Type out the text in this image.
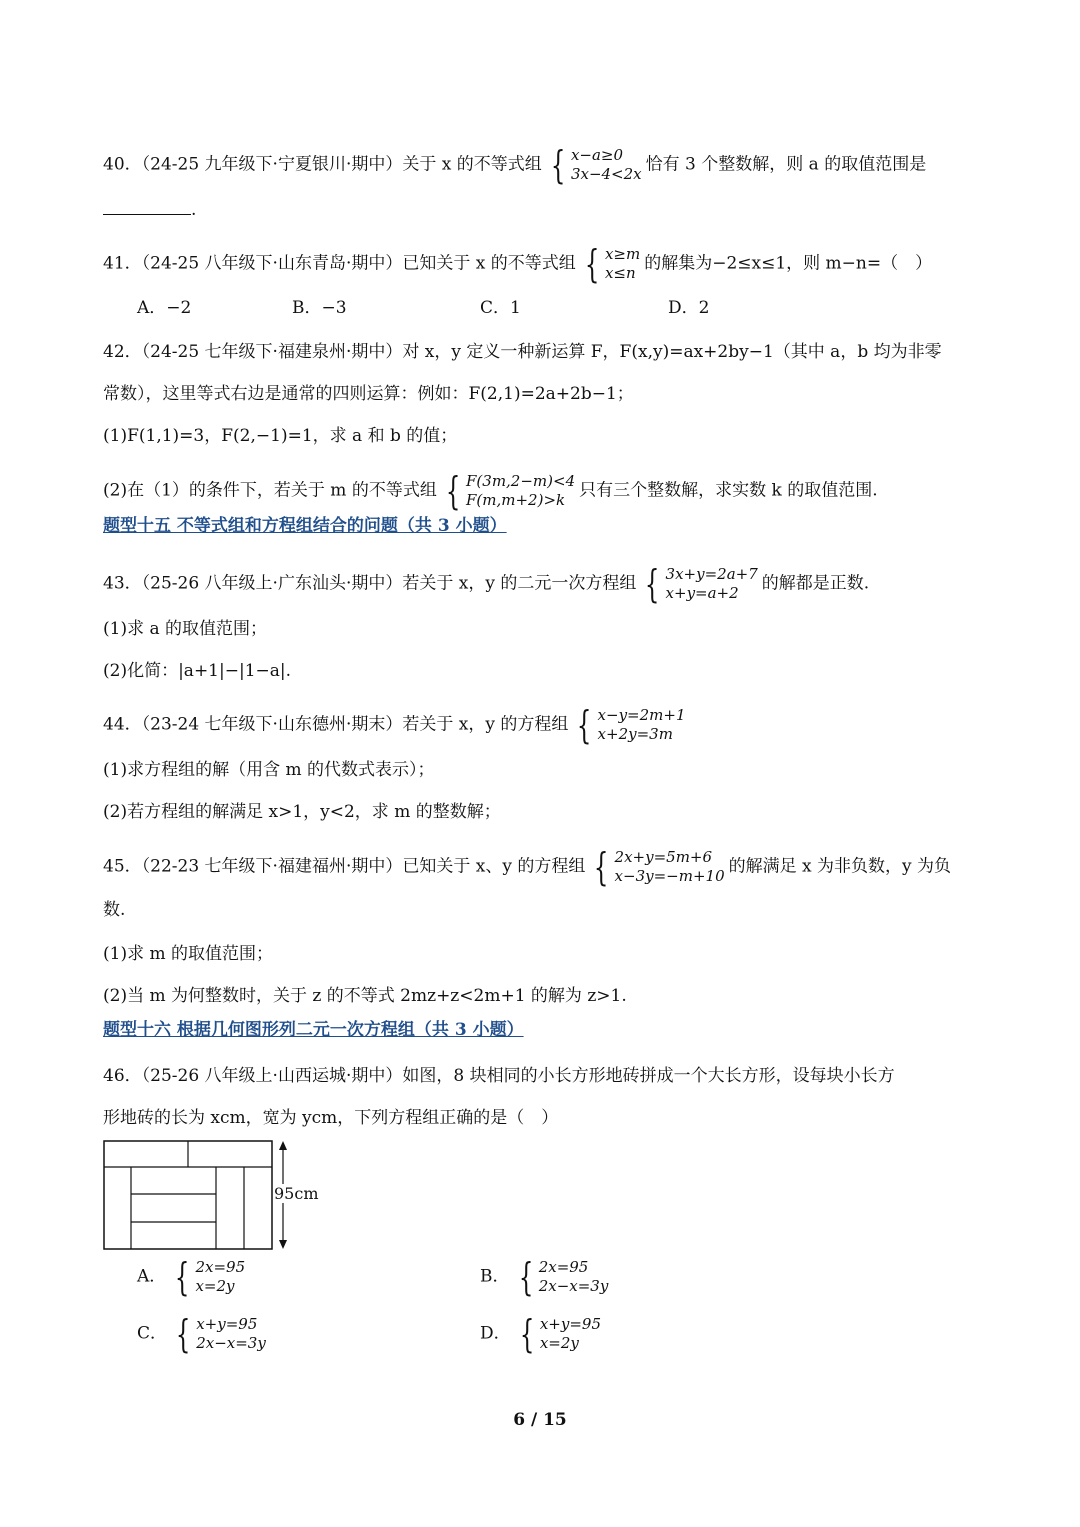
40．（24-25 九年级下·宁夏银川·期中）关于 x 的不等式组 { x−a≥0
3x−4<2x 恰有 3 个整数解，则 a 的取值范围是
.
41．（24-25 八年级下·山东青岛·期中）已知关于 x 的不等式组 { x≥m
x≤n 的解集为−2≤x≤1，则 m−n=（　）
A．−2	B．−3	C．1	D．2
42．（24-25 七年级下·福建泉州·期中）对 x，y 定义一种新运算 F，F(x,y)=ax+2by−1（其中 a，b 均为非零
常数），这里等式右边是通常的四则运算：例如：F(2,1)=2a+2b−1；
(1)F(1,1)=3，F(2,−1)=1，求 a 和 b 的值；
(2)在（1）的条件下，若关于 m 的不等式组 { F(3m,2−m)<4
F(m,m+2)>k 只有三个整数解，求实数 k 的取值范围.
题型十五 不等式组和方程组结合的问题（共 3 小题）
43．（25-26 八年级上·广东汕头·期中）若关于 x，y 的二元一次方程组 { 3x+y=2a+7
x+y=a+2	的解都是正数.
(1)求 a 的取值范围；
(2)化简：|a+1|−|1−a|.
44．（23-24 七年级下·山东德州·期末）若关于 x，y 的方程组 { x−y=2m+1
x+2y=3m
(1)求方程组的解（用含 m 的代数式表示）；
(2)若方程组的解满足 x>1，y<2，求 m 的整数解；
45．（22-23 七年级下·福建福州·期中）已知关于 x、y 的方程组 { 2x+y=5m+6
x−3y=−m+10 的解满足 x 为非负数，y 为负
数.
(1)求 m 的取值范围；
(2)当 m 为何整数时，关于 z 的不等式 2mz+z<2m+1 的解为 z>1.
题型十六 根据几何图形列二元一次方程组（共 3 小题）
46．（25-26 八年级上·山西运城·期中）如图，8 块相同的小长方形地砖拼成一个大长方形，设每块小长方
形地砖的长为 xcm，宽为 ycm，下列方程组正确的是（　）
95cm
A． { 2x=95
x=2y	B． { 2x=95
2x−x=3y
C． { x+y=95
2x−x=3y	D． { x+y=95
x=2y
6 / 15
